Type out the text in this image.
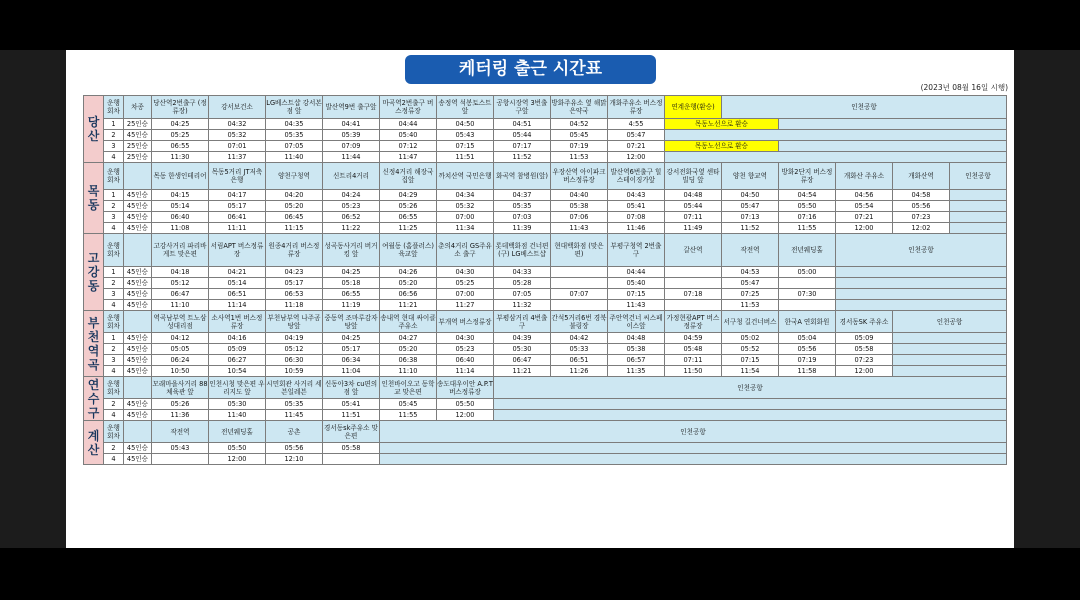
케터링 출근 시간표
(2023년 08월 16일 시행)
당 산	운행 회차	차종	당산역2번출구 (정류장)	강서보건소	LG베스트샵 강서본점 앞	발산역9번 출구앞	마곡역2번출구 버스정류장	송정역 석봉토스트 앞	공항시장역 3번출구앞	방화주유소 옆 해맑은약국	개화주유소 버스정류장	연계운행(환승)	인천공항				
	1	25인승	04:25	04:32	04:35	04:41	04:44	04:50	04:51	04:52	4:55	목동노선으로 환승					
	2	45인승	05:25	05:32	05:35	05:39	05:40	05:43	05:44	05:45	05:47						
	3	25인승	06:55	07:01	07:05	07:09	07:12	07:15	07:17	07:19	07:21	목동노선으로 환승					
	4	25인승	11:30	11:37	11:40	11:44	11:47	11:51	11:52	11:53	12:00						
목 동	운행 회차		목동 한생인테리어	목동5거리 JT저축은행	양천구청역	신트리4거리	신정4거리 해장국집앞	까치산역 국민은행	화곡역 참병원(앞)	우장산역 아이파크 버스정류장	발산역6번출구 힐스테이징가앞	강서전화국옆 센타빌딩 앞	양천 향교역	방화2단지 버스정류장	개화산 주유소	개화산역	인천공항
	1	45인승	04:15	04:17	04:20	04:24	04:29	04:34	04:37	04:40	04:43	04:48	04:50	04:54	04:56	04:58	
	2	45인승	05:14	05:17	05:20	05:23	05:26	05:32	05:35	05:38	05:41	05:44	05:47	05:50	05:54	05:56	
	3	45인승	06:40	06:41	06:45	06:52	06:55	07:00	07:03	07:06	07:08	07:11	07:13	07:16	07:21	07:23	
	4	45인승	11:08	11:11	11:15	11:22	11:25	11:34	11:39	11:43	11:46	11:49	11:52	11:55	12:00	12:02	
고 강 동	운행 회차		고강사거리 파리바게트 맞은편	서림APT 버스정류장	원종4거리 버스정류장	성곡동사거리 버거킹 앞	여월동 (홈플러스) 육교앞	춘의4거리 GS주유소 출구	롯데백화점 건너편(구) LG베스트샵	현대백화점 (맞은편)	부평구청역 2번출구	갈산역	작전역	전년웨딩홀	인천공항		
	1	45인승	04:18	04:21	04:23	04:25	04:26	04:30	04:33		04:44		04:53	05:00			
	2	45인승	05:12	05:14	05:17	05:18	05:20	05:25	05:28		05:40		05:47				
	3	45인승	06:47	06:51	06:53	06:55	06:56	07:00	07:05	07:07	07:15	07:18	07:25	07:30			
	4	45인승	11:10	11:14	11:18	11:19	11:21	11:27	11:32		11:43		11:53				
부 천 역 곡	운행 회차		역곡남부역 트노삼성대리점	소사역1번 버스정류장	부천남부역 나주곰탕앞	중동역 조마루감자탕앞	송내역 현대 싸이클주유소	부개역 버스정류장	부평삼거리 4번출구	간석5거리6번 경북불링장	주안역건너 씨스페이스앞	가정현광APT 버스정류장	서구청 길건너버스	한국A 연회화원	경서동SK 주유소	인천공항	
	1	45인승	04:12	04:16	04:19	04:25	04:27	04:30	04:39	04:42	04:48	04:59	05:02	05:04	05:09		
	2	45인승	05:05	05:09	05:12	05:17	05:20	05:23	05:30	05:33	05:38	05:48	05:52	05:56	05:58		
	3	45인승	06:24	06:27	06:30	06:34	06:38	06:40	06:47	06:51	06:57	07:11	07:15	07:19	07:23		
	4	45인승	10:50	10:54	10:59	11:04	11:10	11:14	11:21	11:26	11:35	11:50	11:54	11:58	12:00		
연 수 구	운행 회차		모래마을사거리 88체육관 앞	인천시청 맞은편 우리지도 앞	시민회관 사거리 세븐일레븐	신동아3차 cu편의점 앞	인천바이오고 동학교 맞은편	송도대우이안 A.P.T버스정류장	인천공항								
	2	45인승	05:26	05:30	05:35	05:41	05:45	05:50									
	4	45인승	11:36	11:40	11:45	11:51	11:55	12:00									
계 산	운행 회차		작전역	전년웨딩홀	공촌	경서동sk주유소 맞은편	인천공항										
	2	45인승	05:43	05:50	05:56	05:58											
	4	45인승		12:00	12:10												
